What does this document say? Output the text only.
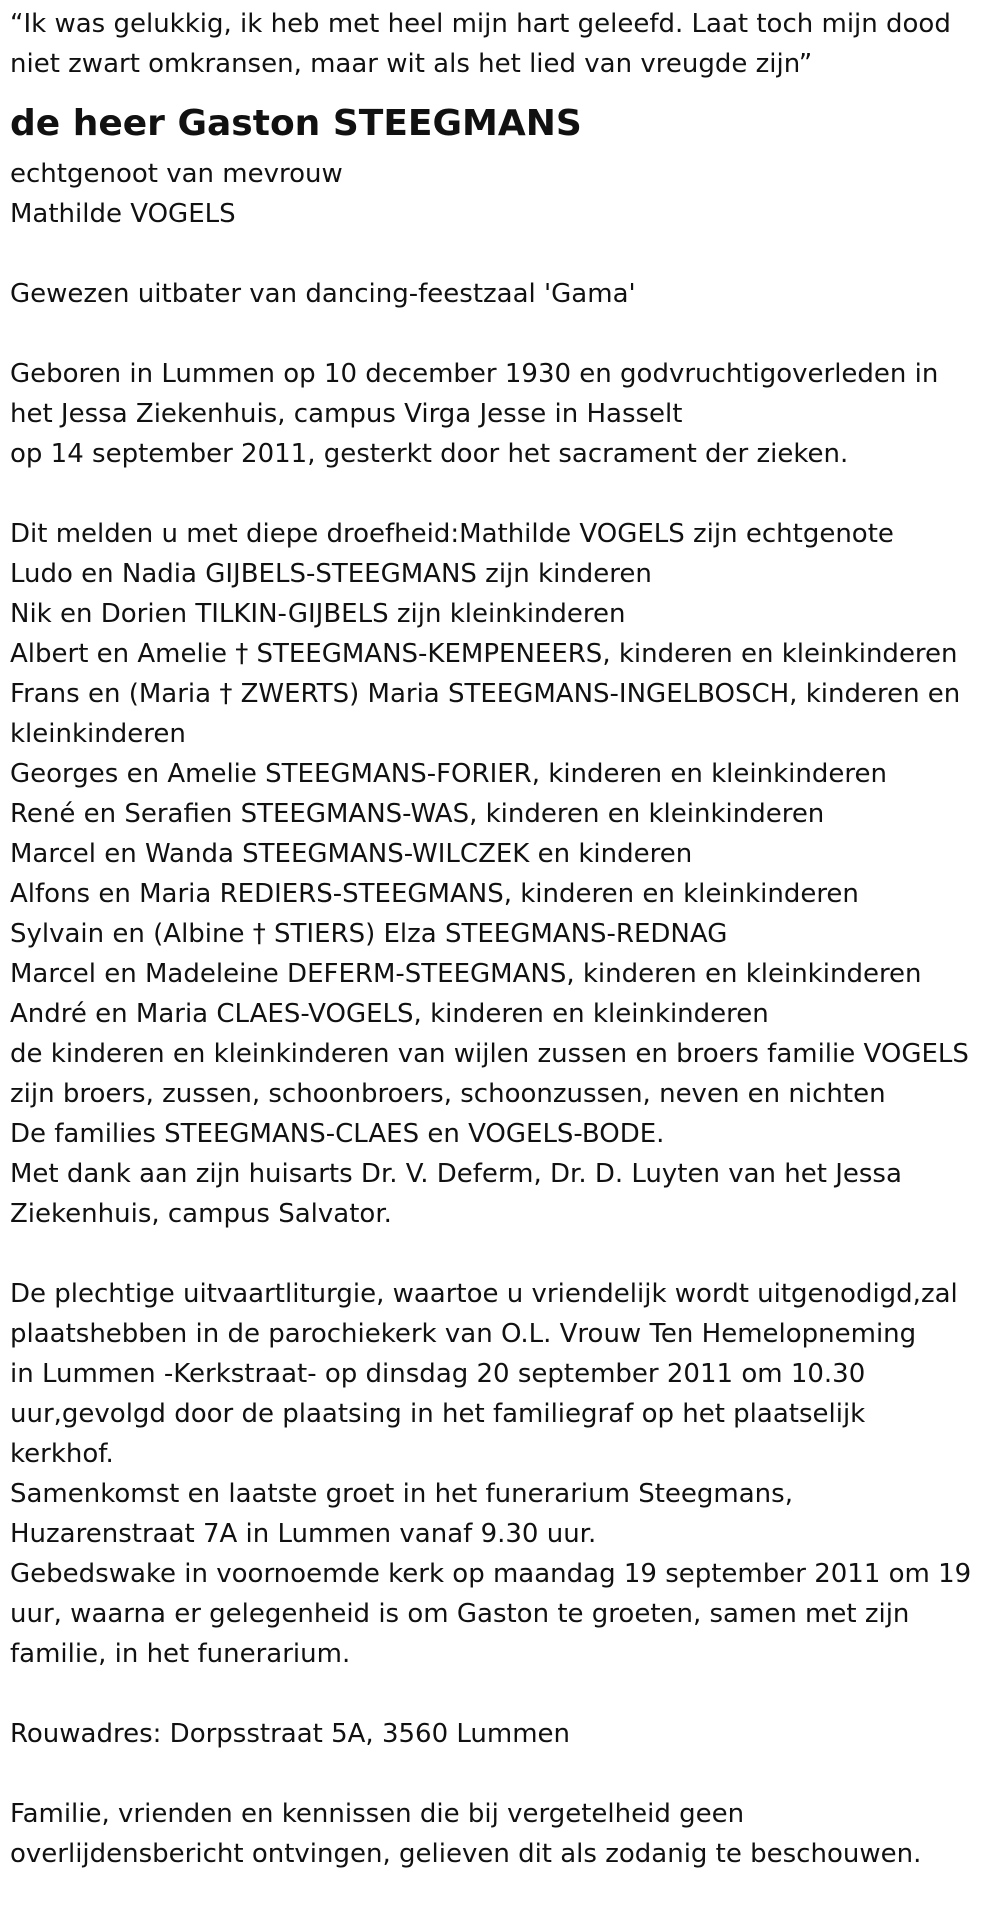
“Ik was gelukkig, ik heb met heel mijn hart geleefd. Laat toch mijn dood

niet zwart omkransen, maar wit als het lied van vreugde zijn”

de heer Gaston STEEGMANS

echtgenoot van mevrouw

Mathilde VOGELS

Gewezen uitbater van dancing-feestzaal 'Gama'

Geboren in Lummen op 10 december 1930 en godvruchtigoverleden in

het Jessa Ziekenhuis, campus Virga Jesse in Hasselt

op 14 september 2011, gesterkt door het sacrament der zieken.

Dit melden u met diepe droefheid:Mathilde VOGELS zijn echtgenote

Ludo en Nadia GIJBELS-STEEGMANS zijn kinderen

Nik en Dorien TILKIN-GIJBELS zijn kleinkinderen

Albert en Amelie † STEEGMANS-KEMPENEERS, kinderen en kleinkinderen

Frans en (Maria † ZWERTS) Maria STEEGMANS-INGELBOSCH, kinderen en

kleinkinderen

Georges en Amelie STEEGMANS-FORIER, kinderen en kleinkinderen

René en Serafien STEEGMANS-WAS, kinderen en kleinkinderen

Marcel en Wanda STEEGMANS-WILCZEK en kinderen

Alfons en Maria REDIERS-STEEGMANS, kinderen en kleinkinderen

Sylvain en (Albine † STIERS) Elza STEEGMANS-REDNAG

Marcel en Madeleine DEFERM-STEEGMANS, kinderen en kleinkinderen

André en Maria CLAES-VOGELS, kinderen en kleinkinderen

de kinderen en kleinkinderen van wijlen zussen en broers familie VOGELS

zijn broers, zussen, schoonbroers, schoonzussen, neven en nichten

De families STEEGMANS-CLAES en VOGELS-BODE.

Met dank aan zijn huisarts Dr. V. Deferm, Dr. D. Luyten van het Jessa

Ziekenhuis, campus Salvator.

De plechtige uitvaartliturgie, waartoe u vriendelijk wordt uitgenodigd,zal

plaatshebben in de parochiekerk van O.L. Vrouw Ten Hemelopneming

in Lummen -Kerkstraat- op dinsdag 20 september 2011 om 10.30

uur,gevolgd door de plaatsing in het familiegraf op het plaatselijk

kerkhof.

Samenkomst en laatste groet in het funerarium Steegmans,

Huzarenstraat 7A in Lummen vanaf 9.30 uur.

Gebedswake in voornoemde kerk op maandag 19 september 2011 om 19

uur, waarna er gelegenheid is om Gaston te groeten, samen met zijn

familie, in het funerarium.

Rouwadres: Dorpsstraat 5A, 3560 Lummen

Familie, vrienden en kennissen die bij vergetelheid geen

overlijdensbericht ontvingen, gelieven dit als zodanig te beschouwen.
